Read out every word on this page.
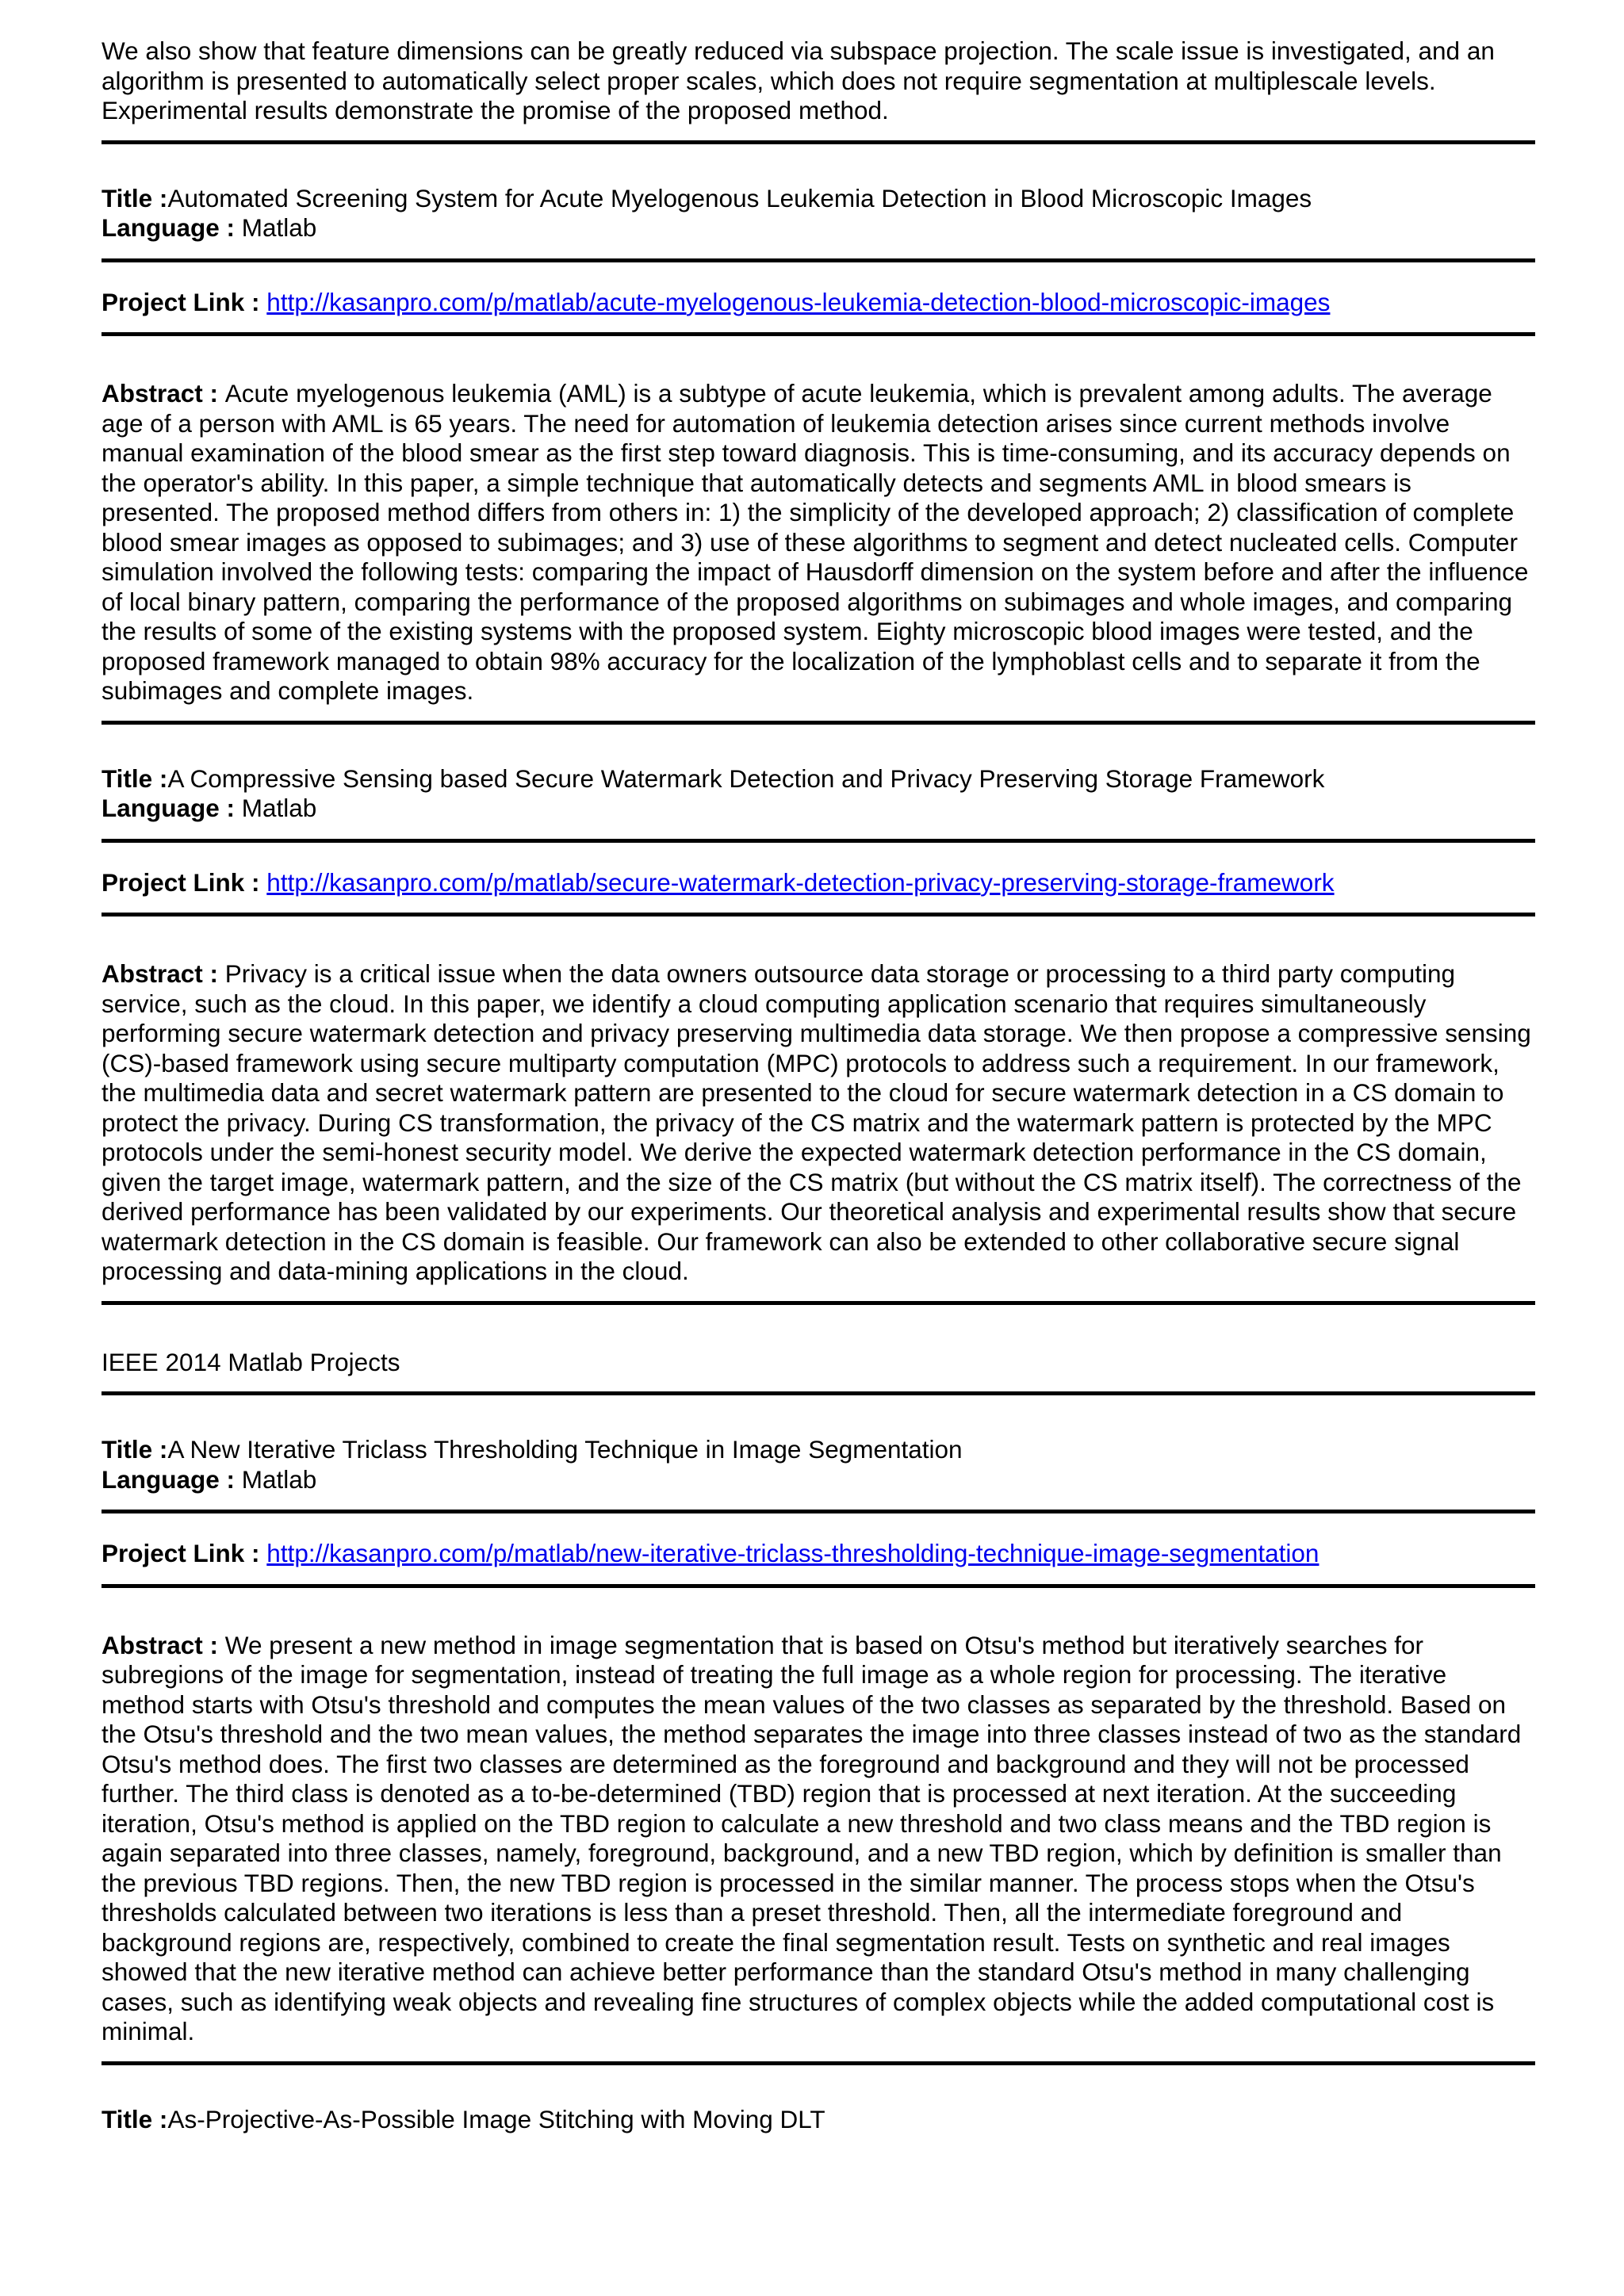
We also show that feature dimensions can be greatly reduced via subspace projection. The scale issue is investigated, and an algorithm is presented to automatically select proper scales, which does not require segmentation at multiplescale levels. Experimental results demonstrate the promise of the proposed method.

Title :Automated Screening System for Acute Myelogenous Leukemia Detection in Blood Microscopic Images

Language : Matlab

Project Link : http://kasanpro.com/p/matlab/acute-myelogenous-leukemia-detection-blood-microscopic-images

Abstract : Acute myelogenous leukemia (AML) is a subtype of acute leukemia, which is prevalent among adults. The average age of a person with AML is 65 years. The need for automation of leukemia detection arises since current methods involve manual examination of the blood smear as the first step toward diagnosis. This is time-consuming, and its accuracy depends on the operator's ability. In this paper, a simple technique that automatically detects and segments AML in blood smears is presented. The proposed method differs from others in: 1) the simplicity of the developed approach; 2) classification of complete blood smear images as opposed to subimages; and 3) use of these algorithms to segment and detect nucleated cells. Computer simulation involved the following tests: comparing the impact of Hausdorff dimension on the system before and after the influence of local binary pattern, comparing the performance of the proposed algorithms on subimages and whole images, and comparing the results of some of the existing systems with the proposed system. Eighty microscopic blood images were tested, and the proposed framework managed to obtain 98% accuracy for the localization of the lymphoblast cells and to separate it from the subimages and complete images.

Title :A Compressive Sensing based Secure Watermark Detection and Privacy Preserving Storage Framework

Language : Matlab

Project Link : http://kasanpro.com/p/matlab/secure-watermark-detection-privacy-preserving-storage-framework

Abstract : Privacy is a critical issue when the data owners outsource data storage or processing to a third party computing service, such as the cloud. In this paper, we identify a cloud computing application scenario that requires simultaneously performing secure watermark detection and privacy preserving multimedia data storage. We then propose a compressive sensing (CS)-based framework using secure multiparty computation (MPC) protocols to address such a requirement. In our framework, the multimedia data and secret watermark pattern are presented to the cloud for secure watermark detection in a CS domain to protect the privacy. During CS transformation, the privacy of the CS matrix and the watermark pattern is protected by the MPC protocols under the semi-honest security model. We derive the expected watermark detection performance in the CS domain, given the target image, watermark pattern, and the size of the CS matrix (but without the CS matrix itself). The correctness of the derived performance has been validated by our experiments. Our theoretical analysis and experimental results show that secure watermark detection in the CS domain is feasible. Our framework can also be extended to other collaborative secure signal processing and data-mining applications in the cloud.

IEEE 2014 Matlab Projects

Title :A New Iterative Triclass Thresholding Technique in Image Segmentation

Language : Matlab

Project Link : http://kasanpro.com/p/matlab/new-iterative-triclass-thresholding-technique-image-segmentation

Abstract : We present a new method in image segmentation that is based on Otsu's method but iteratively searches for subregions of the image for segmentation, instead of treating the full image as a whole region for processing. The iterative method starts with Otsu's threshold and computes the mean values of the two classes as separated by the threshold. Based on the Otsu's threshold and the two mean values, the method separates the image into three classes instead of two as the standard Otsu's method does. The first two classes are determined as the foreground and background and they will not be processed further. The third class is denoted as a to-be-determined (TBD) region that is processed at next iteration. At the succeeding iteration, Otsu's method is applied on the TBD region to calculate a new threshold and two class means and the TBD region is again separated into three classes, namely, foreground, background, and a new TBD region, which by definition is smaller than the previous TBD regions. Then, the new TBD region is processed in the similar manner. The process stops when the Otsu's thresholds calculated between two iterations is less than a preset threshold. Then, all the intermediate foreground and background regions are, respectively, combined to create the final segmentation result. Tests on synthetic and real images showed that the new iterative method can achieve better performance than the standard Otsu's method in many challenging cases, such as identifying weak objects and revealing fine structures of complex objects while the added computational cost is minimal.

Title :As-Projective-As-Possible Image Stitching with Moving DLT
